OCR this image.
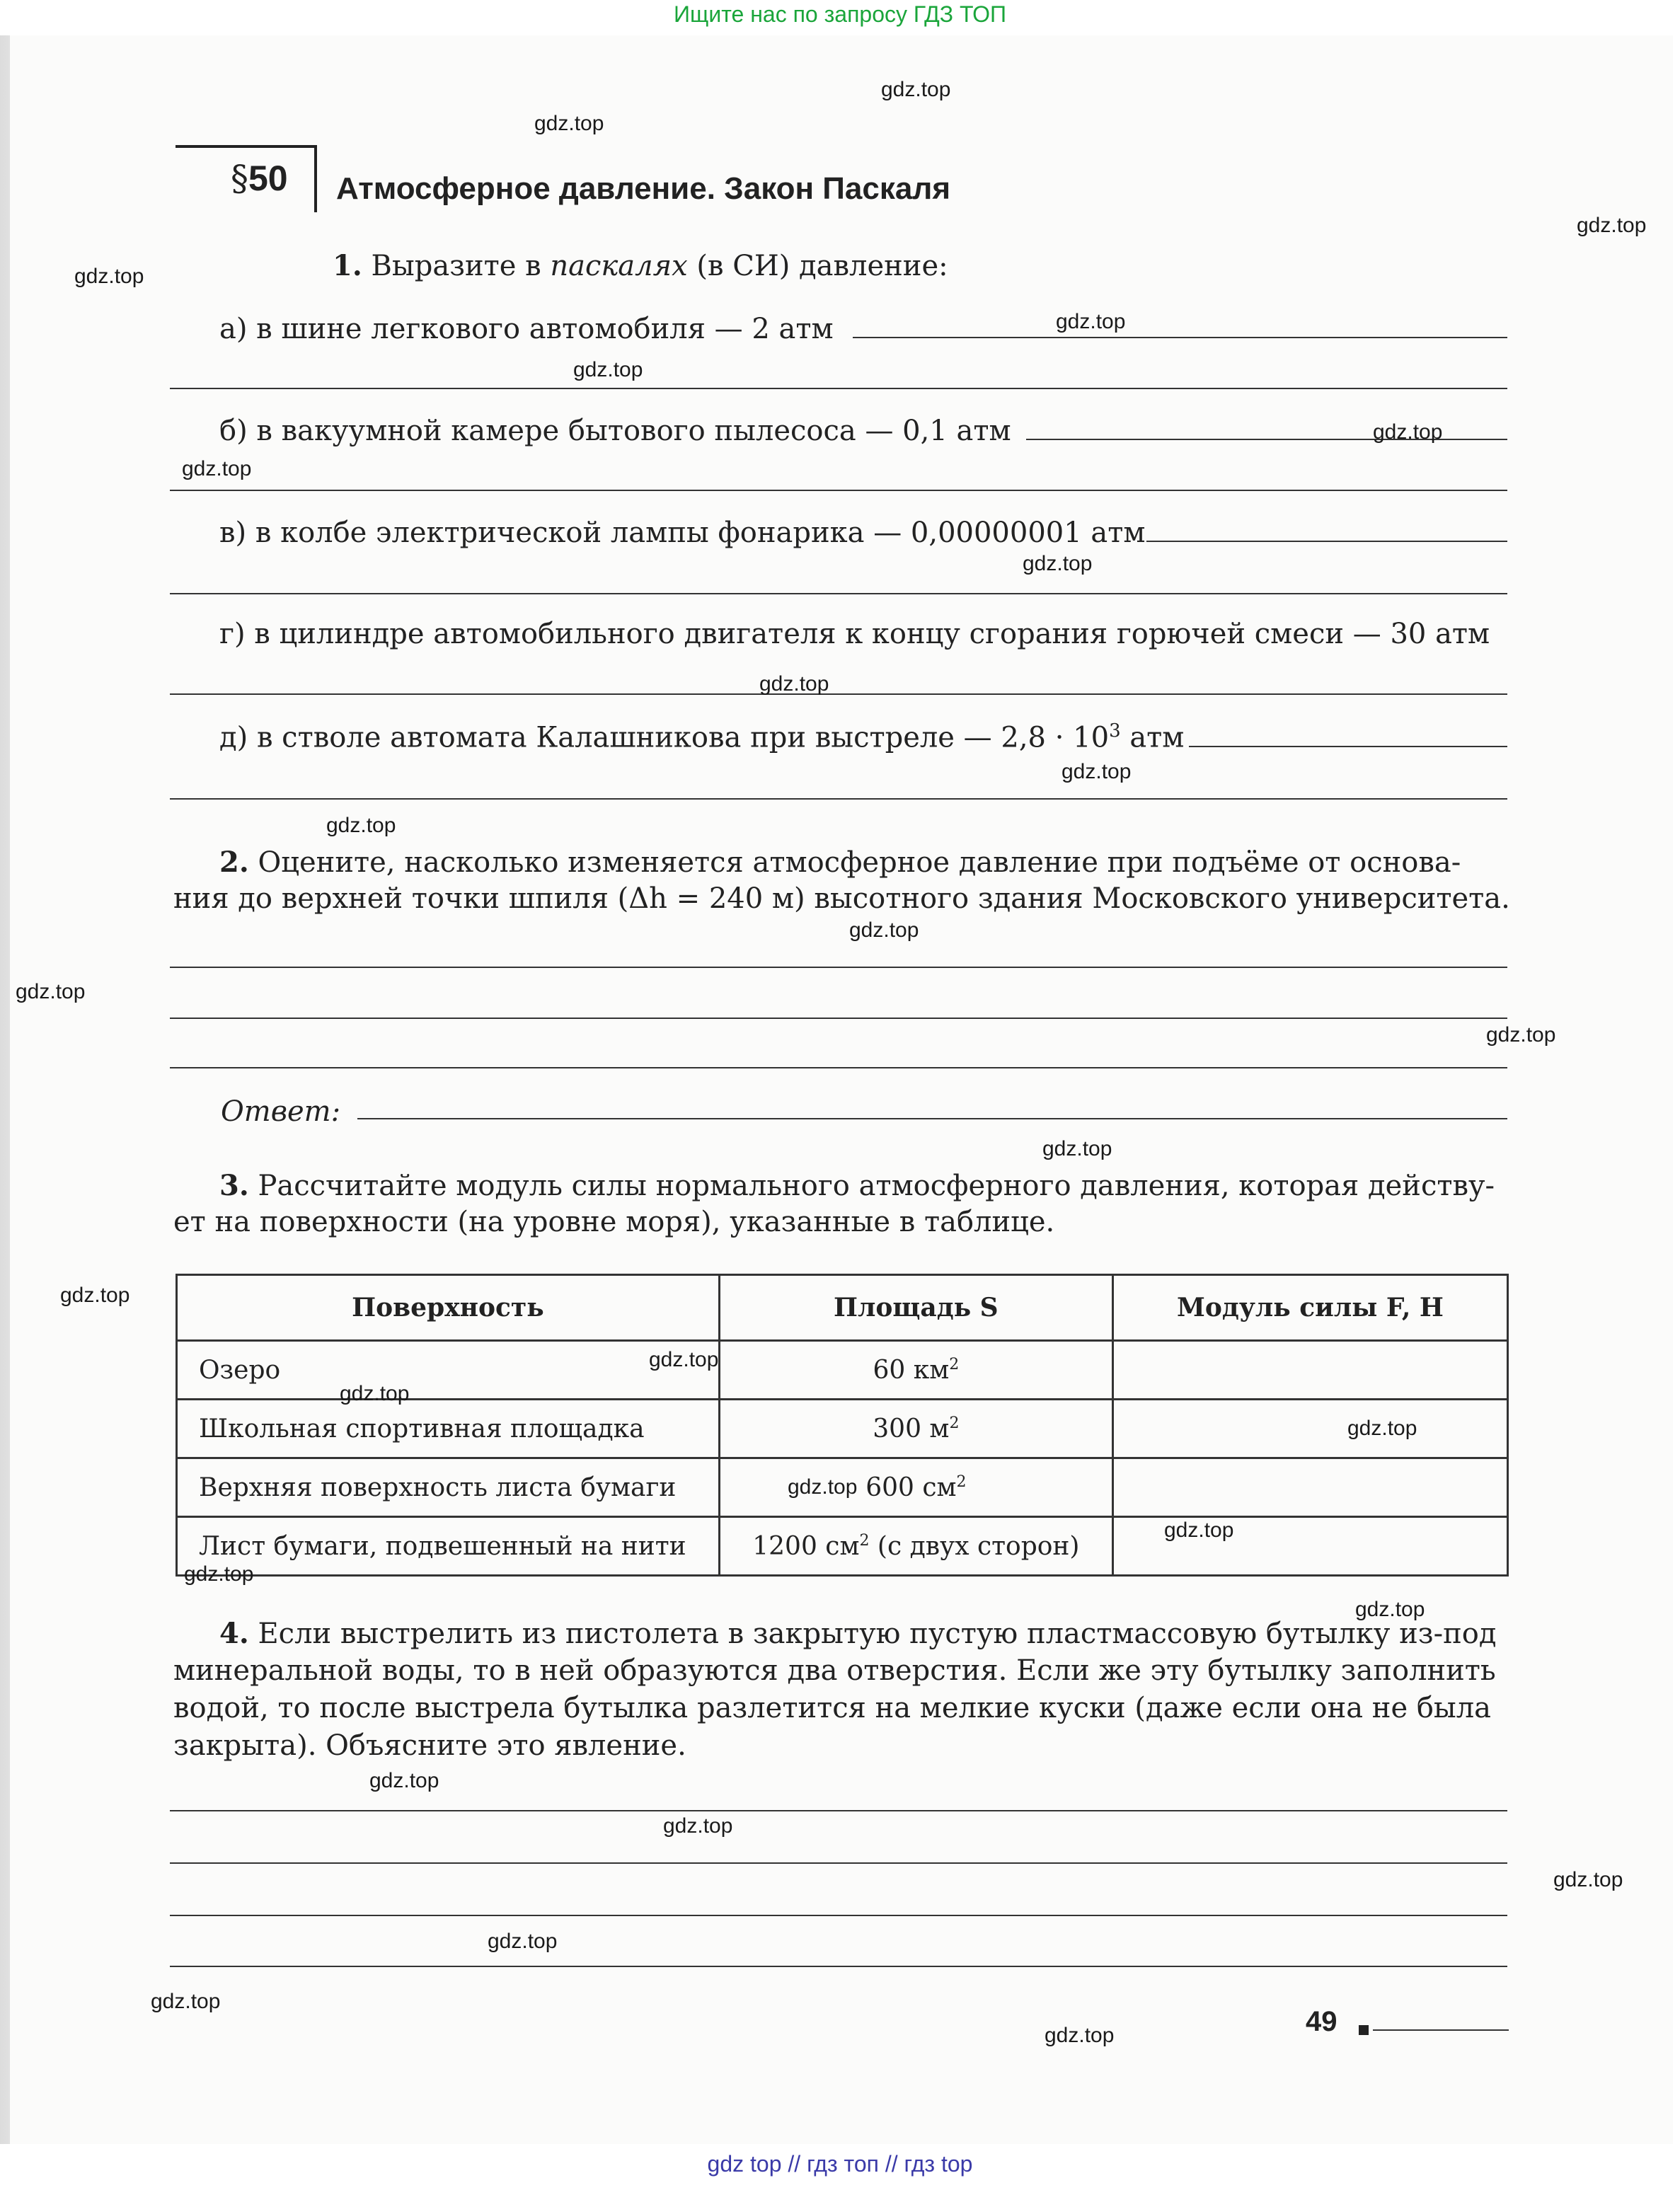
Ищите нас по запросу ГДЗ ТОП
§50	Атмосферное давление. Закон Паскаля
1. Выразите в паскалях (в СИ) давление:
а) в шине легкового автомобиля — 2 атм
б) в вакуумной камере бытового пылесоса — 0,1 атм
в) в колбе электрической лампы фонарика — 0,00000001 атм
г) в цилиндре автомобильного двигателя к концу сгорания горючей смеси — 30 атм
д) в стволе автомата Калашникова при выстреле — $2,8 \cdot 10^3$ атм
2. Оцените, насколько изменяется атмосферное давление при подъёме от основа-
ния до верхней точки шпиля (Δh = 240 м) высотного здания Московского университета.
Ответ:
3. Рассчитайте модуль силы нормального атмосферного давления, которая действу-
ет на поверхности (на уровне моря), указанные в таблице.
Поверхность	Площадь S	Модуль силы F, Н
Озеро	60 $км^2$	
Школьная спортивная площадка	300 $м^2$	
Верхняя поверхность листа бумаги	600 $см^2$	
Лист бумаги, подвешенный на нити	1200 $см^2$ (с двух сторон)	
4. Если выстрелить из пистолета в закрытую пустую пластмассовую бутылку из-под
минеральной воды, то в ней образуются два отверстия. Если же эту бутылку заполнить
водой, то после выстрела бутылка разлетится на мелкие куски (даже если она не была
закрыта). Объясните это явление.
49
gdz.top
gdz.top
gdz.top
gdz.top
gdz.top
gdz.top
gdz.top
gdz.top
gdz.top
gdz.top
gdz.top
gdz.top
gdz.top
gdz.top
gdz.top
gdz.top
gdz.top
gdz.top
gdz.top
gdz.top
gdz.top
gdz.top
gdz.top
gdz.top
gdz.top
gdz.top
gdz.top
gdz.top
gdz.top
gdz.top
gdz top // гдз топ // гдз top
